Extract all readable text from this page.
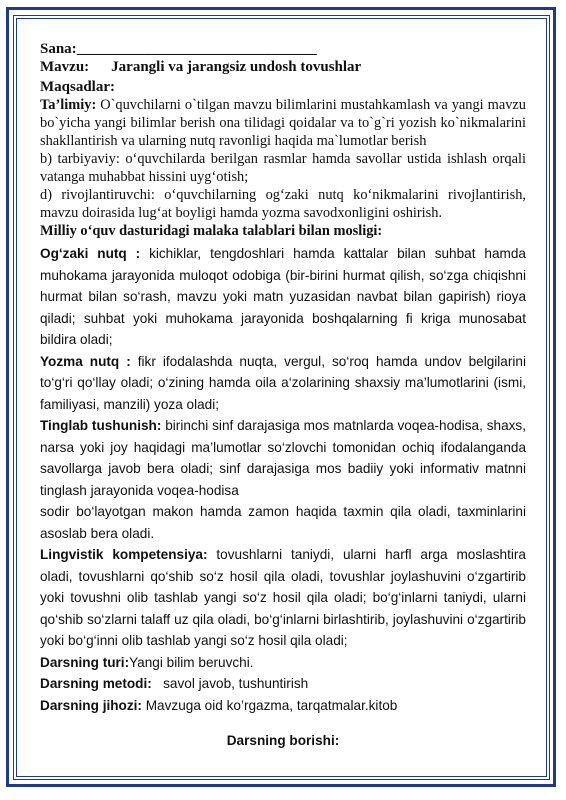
Sana:________________________________

Mavzu: Jarangli va jarangsiz undosh tovushlar

Maqsadlar:

Ta’limiy: O`quvchilarni o`tilgan mavzu bilimlarini mustahkamlash va yangi mavzu bo`yicha yangi bilimlar berish ona tilidagi qoidalar va to`g`ri yozish ko`nikmalarini shakllantirish va ularning nutq ravonligi haqida ma`lumotlar berish

b) tarbiyaviy: o‘quvchilarda berilgan rasmlar hamda savollar ustida ishlash orqali vatanga muhabbat hissini uyg‘otish;

d) rivojlantiruvchi: o‘quvchilarning og‘zaki nutq ko‘nikmalarini rivojlantirish, mavzu doirasida lug‘at boyligi hamda yozma savodxonligini oshirish.

Milliy o‘quv dasturidagi malaka talablari bilan mosligi:

Og‘zaki nutq : kichiklar, tengdoshlari hamda kattalar bilan suhbat hamda muhokama jarayonida muloqot odobiga (bir-birini hurmat qilish, so‘zga chiqishni hurmat bilan so‘rash, mavzu yoki matn yuzasidan navbat bilan gapirish) rioya qiladi; suhbat yoki muhokama jarayonida boshqalarning fi kriga munosabat bildira oladi;

Yozma nutq : fikr ifodalashda nuqta, vergul, so‘roq hamda undov belgilarini to‘g‘ri qo‘llay oladi; o‘zining hamda oila a‘zolarining shaxsiy ma’lumotlarini (ismi, familiyasi, manzili) yoza oladi;

Tinglab tushunish: birinchi sinf darajasiga mos matnlarda voqea-hodisa, shaxs, narsa yoki joy haqidagi ma’lumotlar so‘zlovchi tomonidan ochiq ifodalanganda savollarga javob bera oladi; sinf darajasiga mos badiiy yoki informativ matnni tinglash jarayonida voqea-hodisa

sodir bo‘layotgan makon hamda zamon haqida taxmin qila oladi, taxminlarini asoslab bera oladi.

Lingvistik kompetensiya: tovushlarni taniydi, ularni harfl arga moslashtira oladi, tovushlarni qo‘shib so‘z hosil qila oladi, tovushlar joylashuvini o‘zgartirib yoki tovushni olib tashlab yangi so‘z hosil qila oladi; bo‘g‘inlarni taniydi, ularni qo‘shib so‘zlarni talaff uz qila oladi, bo‘g‘inlarni birlashtirib, joylashuvini o‘zgartirib yoki bo‘g‘inni olib tashlab yangi so‘z hosil qila oladi;

Darsning turi:Yangi bilim beruvchi.

Darsning metodi: savol javob, tushuntirish

Darsning jihozi: Mavzuga oid ko’rgazma, tarqatmalar.kitob

Darsning borishi:
